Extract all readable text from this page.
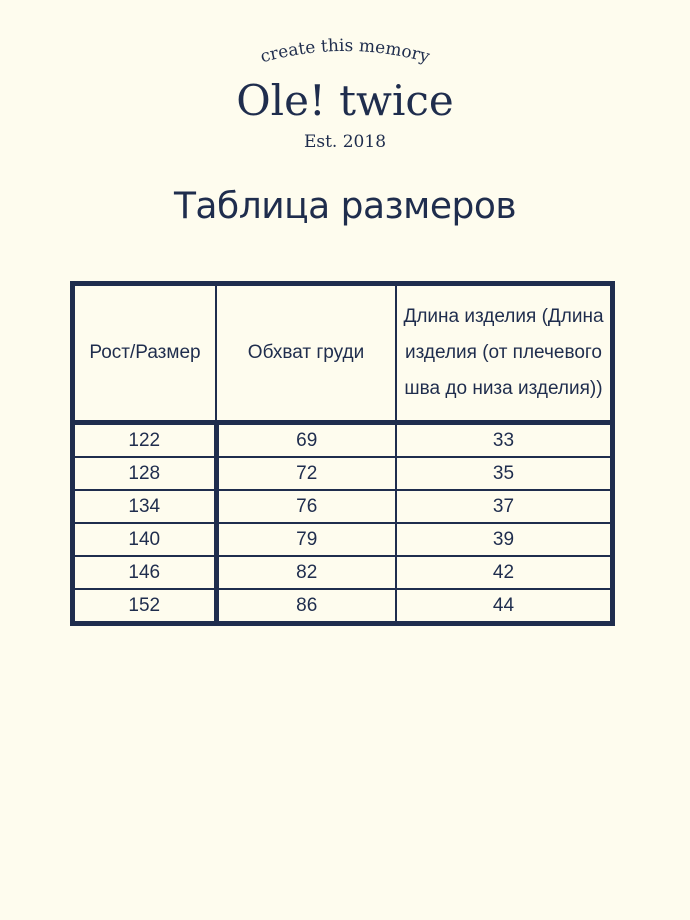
create this memory
Ole! twice
Est. 2018
Таблица размеров
Рост/Размер	Обхват груди	Длина изделия (Длина изделия (от плечевого шва до низа изделия))

122	69	33
128	72	35
134	76	37
140	79	39
146	82	42
152	86	44
